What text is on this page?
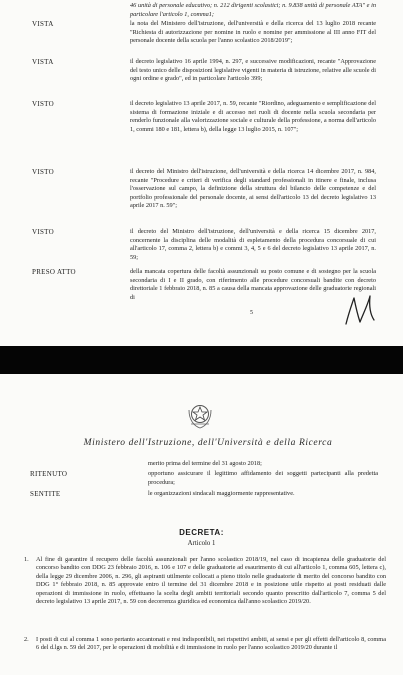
46 unità di personale educativo; n. 212 dirigenti scolastici; n. 9.838 unità di personale ATA" e in particolare l'articolo 1, comma1;
VISTA	la nota del Ministero dell'istruzione, dell'università e della ricerca del 13 luglio 2018 recante "Richiesta di autorizzazione per nomine in ruolo e nomine per ammissione al III anno FIT del personale docente della scuola per l'anno scolastico 2018/2019";
VISTA	il decreto legislativo 16 aprile 1994, n. 297, e successive modificazioni, recante "Approvazione del testo unico delle disposizioni legislative vigenti in materia di istruzione, relative alle scuole di ogni ordine e grado", ed in particolare l'articolo 399;
VISTO	il decreto legislativo 13 aprile 2017, n. 59, recante "Riordino, adeguamento e semplificazione del sistema di formazione iniziale e di accesso nei ruoli di docente nella scuola secondaria per renderlo funzionale alla valorizzazione sociale e culturale della professione, a norma dell'articolo 1, commi 180 e 181, lettera b), della legge 13 luglio 2015, n. 107";
VISTO	il decreto del Ministro dell'istruzione, dell'università e della ricerca 14 dicembre 2017, n. 984, recante "Procedure e criteri di verifica degli standard professionali in itinere e finale, inclusa l'osservazione sul campo, la definizione della struttura del bilancio delle competenze e del portfolio professionale del personale docente, ai sensi dell'articolo 13 del decreto legislativo 13 aprile 2017 n. 59";
VISTO	il decreto del Ministro dell'istruzione, dell'università e della ricerca 15 dicembre 2017, concernente la disciplina delle modalità di espletamento della procedura concorsuale di cui all'articolo 17, comma 2, lettera b) e commi 3, 4, 5 e 6 del decreto legislativo 13 aprile 2017, n. 59;
PRESO ATTO	della mancata copertura delle facoltà assunzionali su posto comune e di sostegno per la scuola secondaria di I e II grado, con riferimento alle procedure concorsuali bandite con decreto direttoriale 1 febbraio 2018, n. 85 a causa della mancata approvazione delle graduatorie regionali di
5
Ministero dell'Istruzione, dell'Università e della Ricerca
merito prima del termine del 31 agosto 2018;
RITENUTO	opportuno assicurare il legittimo affidamento dei soggetti partecipanti alla predetta procedura;
SENTITE	le organizzazioni sindacali maggiormente rappresentative.
DECRETA:
Articolo 1
1. Al fine di garantire il recupero delle facoltà assunzionali per l'anno scolastico 2018/19, nel caso di incapienza delle graduatorie del concorso bandito con DDG 23 febbraio 2016, n. 106 e 107 e delle graduatorie ad esaurimento di cui all'articolo 1, comma 605, lettera c), della legge 29 dicembre 2006, n. 296, gli aspiranti utilmente collocati a pieno titolo nelle graduatorie di merito del concorso bandito con DDG 1° febbraio 2018, n. 85 approvate entro il termine del 31 dicembre 2018 e in posizione utile rispetto ai posti residuati dalle operazioni di immissione in ruolo, effettuano la scelta degli ambiti territoriali secondo quanto prescritto dall'articolo 7, comma 5 del decreto legislativo 13 aprile 2017, n. 59 con decorrenza giuridica ed economica dall'anno scolastico 2019/20.
2. I posti di cui al comma 1 sono pertanto accantonati e resi indisponibili, nei rispettivi ambiti, ai sensi e per gli effetti dell'articolo 8, comma 6 del d.lgs n. 59 del 2017, per le operazioni di mobilità e di immissione in ruolo per l'anno scolastico 2019/20 durante il
